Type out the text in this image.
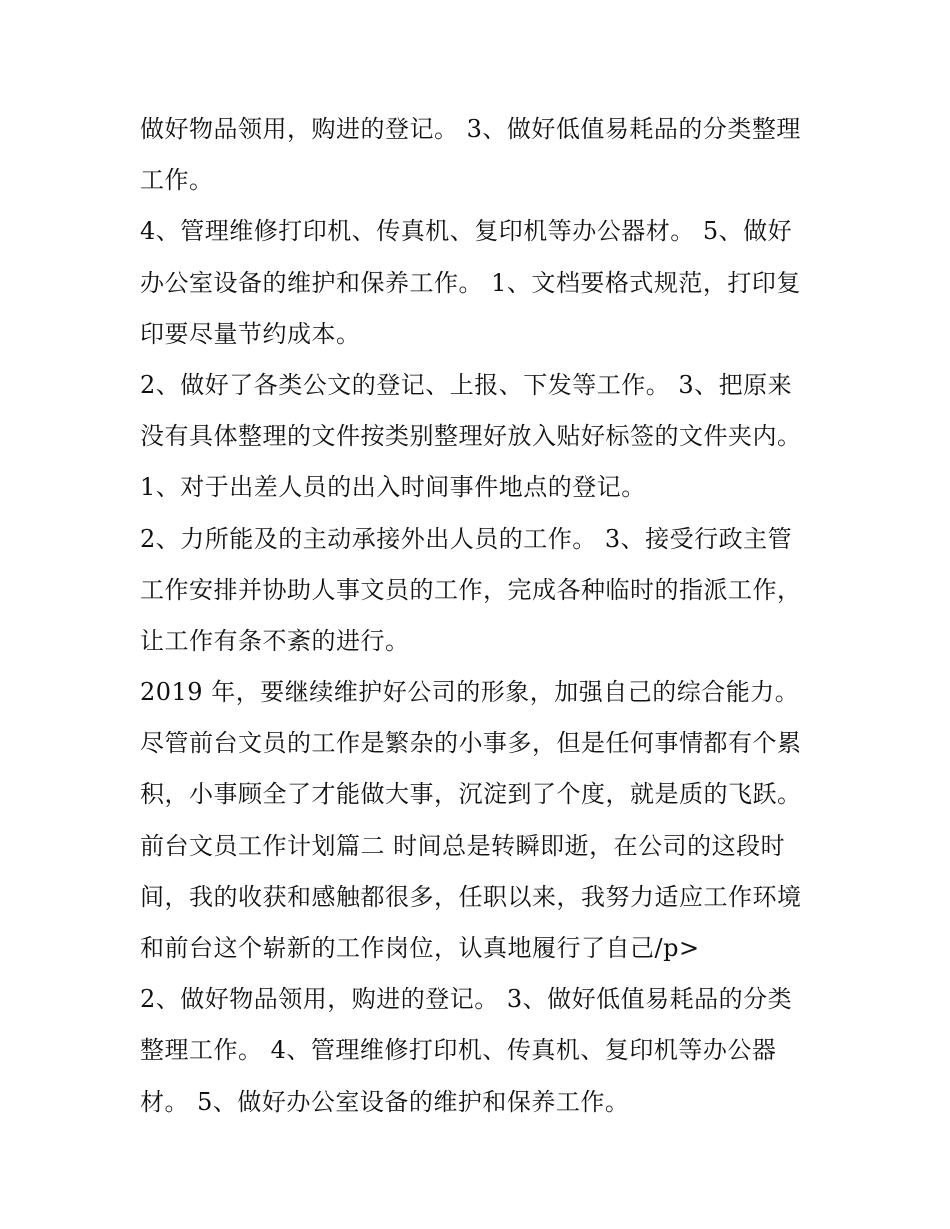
做好物品领用，购进的登记。 3、做好低值易耗品的分类整理
工作。
4、管理维修打印机、传真机、复印机等办公器材。 5、做好
办公室设备的维护和保养工作。 1、文档要格式规范，打印复
印要尽量节约成本。
2、做好了各类公文的登记、上报、下发等工作。 3、把原来
没有具体整理的文件按类别整理好放入贴好标签的文件夹内。
1、对于出差人员的出入时间事件地点的登记。
2、力所能及的主动承接外出人员的工作。 3、接受行政主管
工作安排并协助人事文员的工作，完成各种临时的指派工作，
让工作有条不紊的进行。
2019 年，要继续维护好公司的形象，加强自己的综合能力。
尽管前台文员的工作是繁杂的小事多，但是任何事情都有个累
积，小事顾全了才能做大事，沉淀到了个度，就是质的飞跃。
前台文员工作计划篇二 时间总是转瞬即逝，在公司的这段时
间，我的收获和感触都很多，任职以来，我努力适应工作环境
和前台这个崭新的工作岗位，认真地履行了自己/p>
2、做好物品领用，购进的登记。 3、做好低值易耗品的分类
整理工作。 4、管理维修打印机、传真机、复印机等办公器
材。 5、做好办公室设备的维护和保养工作。
